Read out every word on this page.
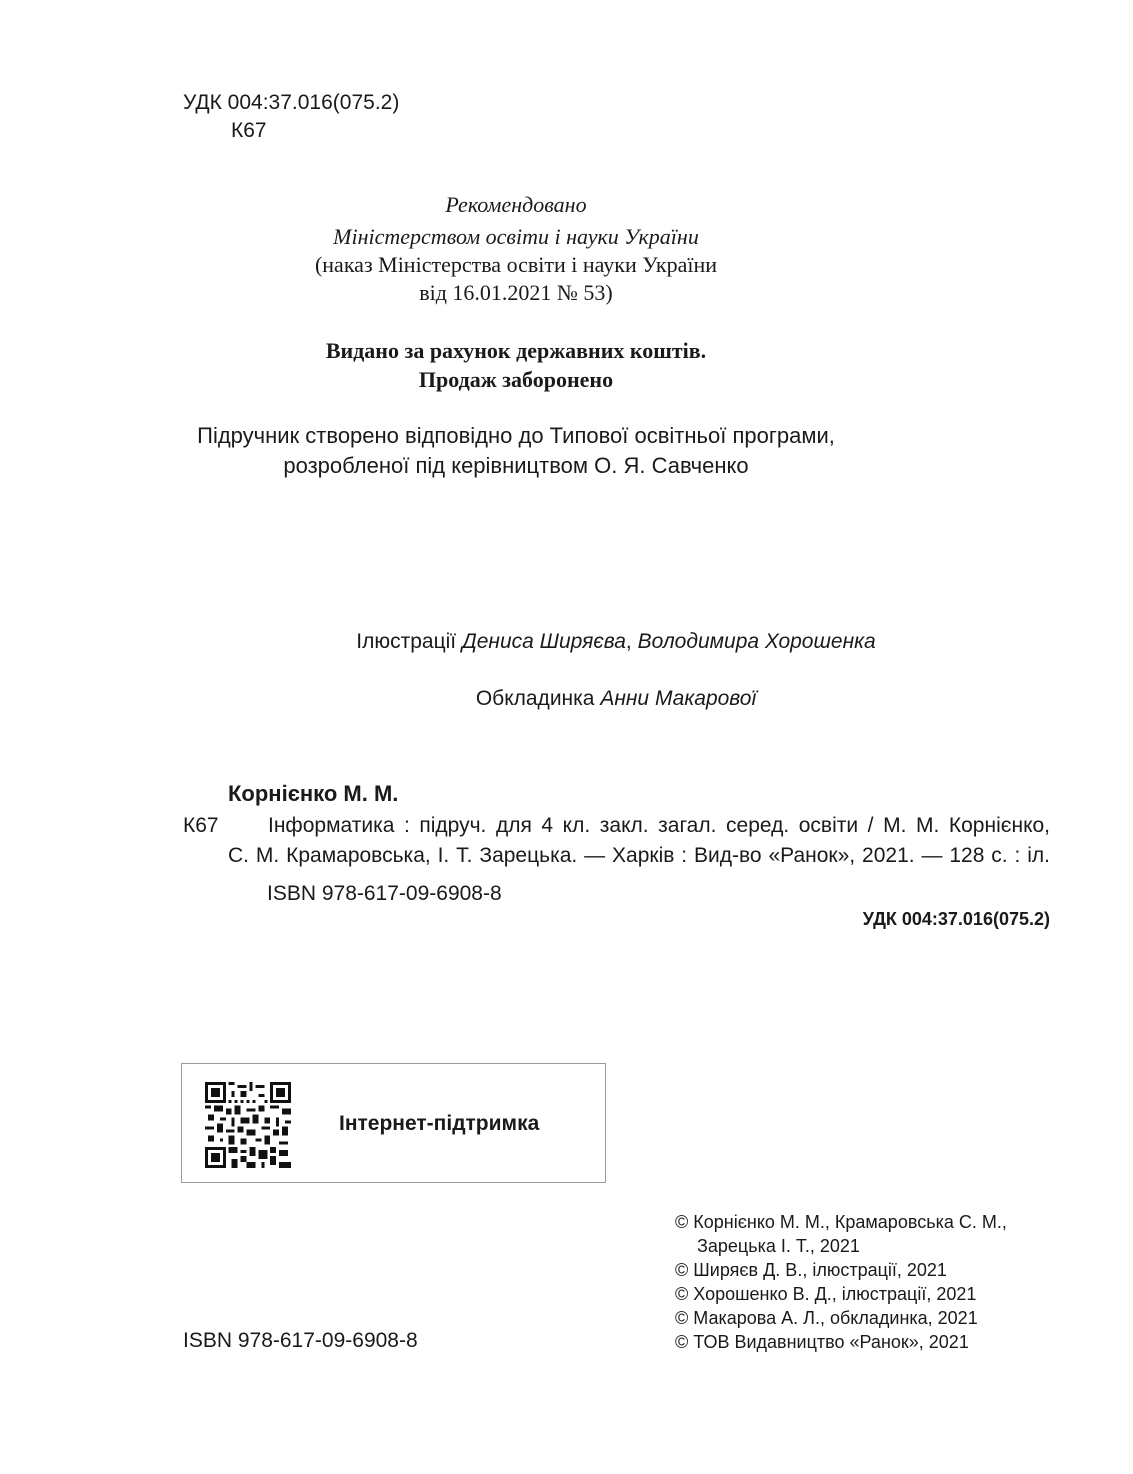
УДК 004:37.016(075.2)
К67
Рекомендовано
Міністерством освіти і науки України
(наказ Міністерства освіти і науки України
від 16.01.2021 № 53)
Видано за рахунок державних коштів.
Продаж заборонено
Підручник створено відповідно до Типової освітньої програми,
розробленої під керівництвом О. Я. Савченко
Ілюстрації Дениса Ширяєва, Володимира Хорошенка
Обкладинка Анни Макарової
Корнієнко М. М.
К67	Інформатика : підруч. для 4 кл. закл. загал. серед. освіти / М. М. Корнієнко,
С. М. Крамаровська, І. Т. Зарецька. — Харків : Вид-во «Ранок», 2021. — 128 с. : іл.
ISBN 978-617-09-6908-8
УДК 004:37.016(075.2)
Інтернет-підтримка
ISBN 978-617-09-6908-8
© Корнієнко М. М., Крамаровська С. М.,
Зарецька І. Т., 2021
© Ширяєв Д. В., ілюстрації, 2021
© Хорошенко В. Д., ілюстрації, 2021
© Макарова А. Л., обкладинка, 2021
© ТОВ Видавництво «Ранок», 2021
